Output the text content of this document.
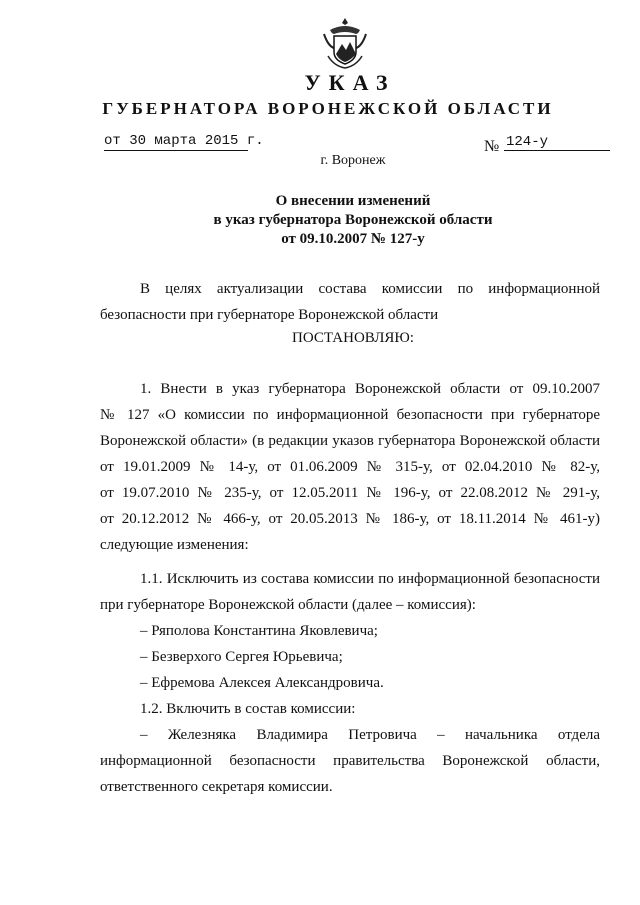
УКАЗ
ГУБЕРНАТОРА ВОРОНЕЖСКОЙ ОБЛАСТИ
от 30 марта 2015 г.	№ 124-у
г. Воронеж
О внесении изменений
в указ губернатора Воронежской области
от 09.10.2007 № 127-у
В целях актуализации состава комиссии по информационной
безопасности при губернаторе Воронежской области
ПОСТАНОВЛЯЮ:
1. Внести в указ губернатора Воронежской области от 09.10.2007
№ 127 «О комиссии по информационной безопасности при губернаторе
Воронежской области» (в редакции указов губернатора Воронежской области
от 19.01.2009 № 14-у, от 01.06.2009 № 315-у, от 02.04.2010 № 82-у,
от 19.07.2010 № 235-у, от 12.05.2011 № 196-у, от 22.08.2012 № 291-у,
от 20.12.2012 № 466-у, от 20.05.2013 № 186-у, от 18.11.2014 № 461-у)
следующие изменения:
1.1. Исключить из состава комиссии по информационной безопасности
при губернаторе Воронежской области (далее – комиссия):
– Ряполова Константина Яковлевича;
– Безверхого Сергея Юрьевича;
– Ефремова Алексея Александровича.
1.2. Включить в состав комиссии:
– Железняка Владимира Петровича – начальника отдела
информационной безопасности правительства Воронежской области,
ответственного секретаря комиссии.
